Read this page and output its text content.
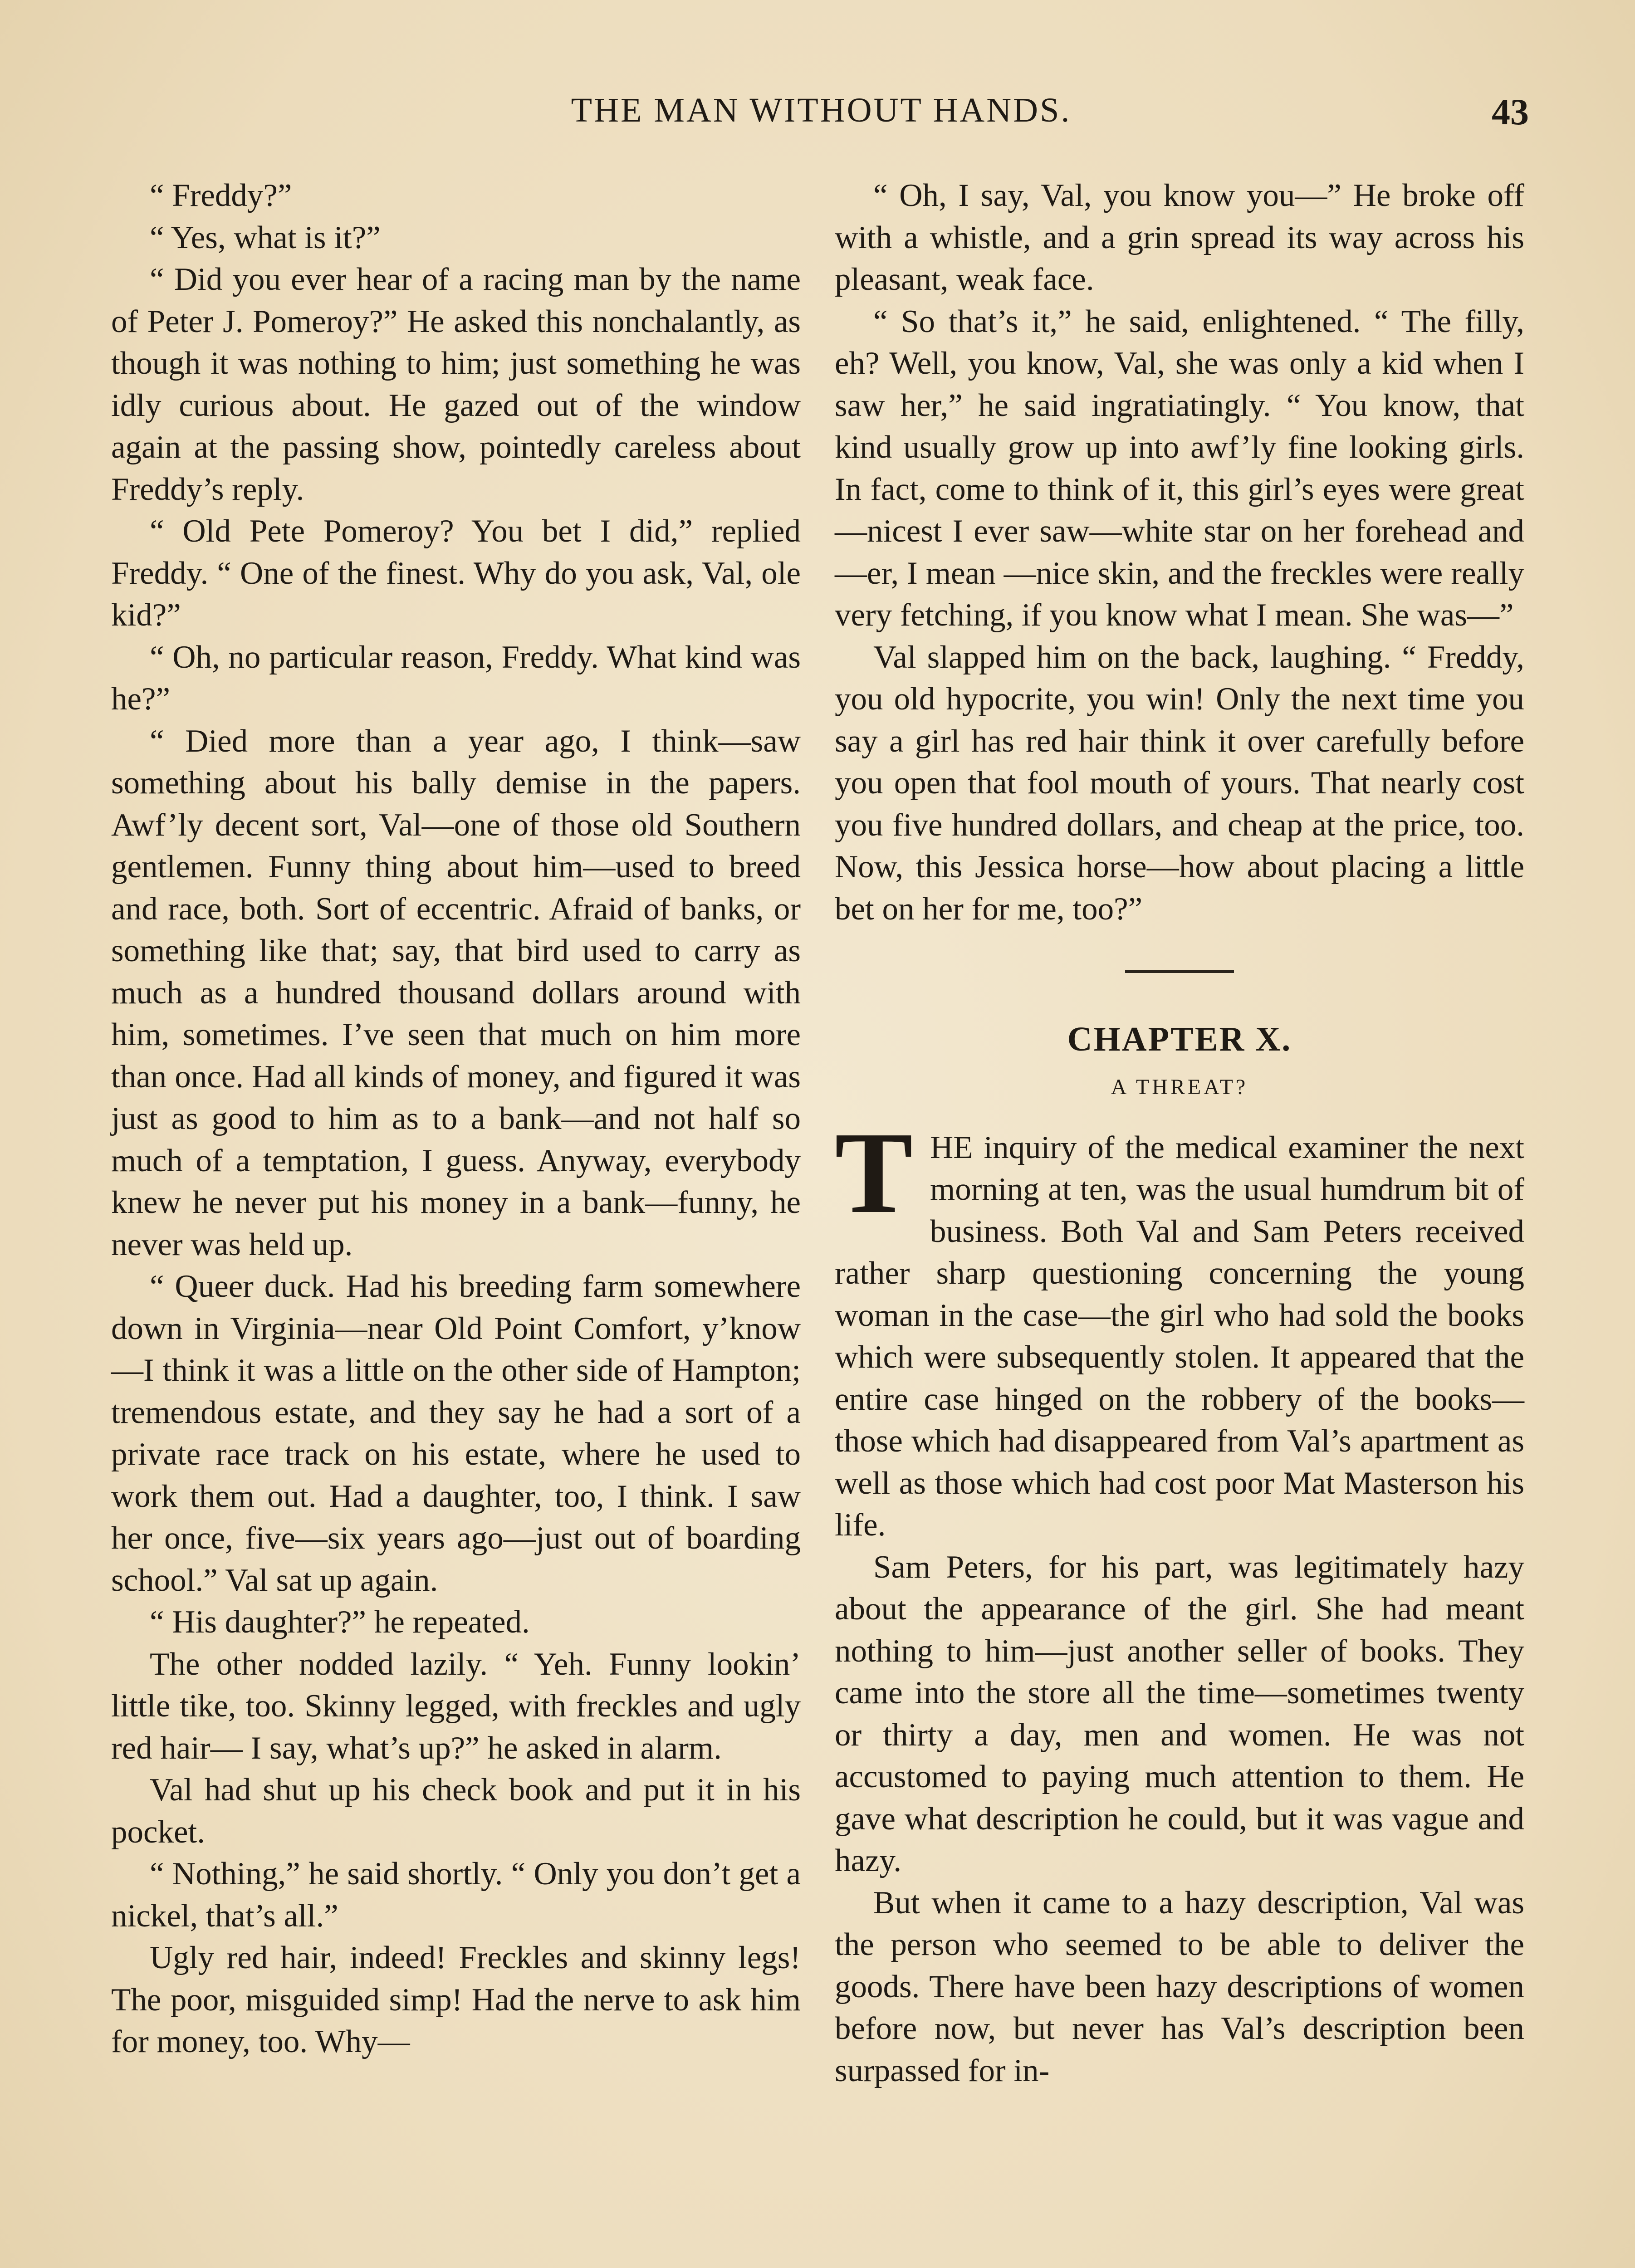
THE MAN WITHOUT HANDS.	43

“ Freddy?”

“ Yes, what is it?”

“ Did you ever hear of a racing man by the name of Peter J. Pomeroy?” He asked this nonchalantly, as though it was nothing to him; just something he was idly curious about. He gazed out of the window again at the passing show, pointedly careless about Freddy’s reply.

“ Old Pete Pomeroy? You bet I did,” replied Freddy. “ One of the finest. Why do you ask, Val, ole kid?”

“ Oh, no particular reason, Freddy. What kind was he?”

“ Died more than a year ago, I think—saw something about his bally demise in the papers. Awf’ly decent sort, Val—one of those old Southern gentlemen. Funny thing about him—used to breed and race, both. Sort of eccentric. Afraid of banks, or something like that; say, that bird used to carry as much as a hundred thousand dollars around with him, sometimes. I’ve seen that much on him more than once. Had all kinds of money, and figured it was just as good to him as to a bank—and not half so much of a temptation, I guess. Anyway, everybody knew he never put his money in a bank—funny, he never was held up.

“ Queer duck. Had his breeding farm somewhere down in Virginia—near Old Point Comfort, y’know—I think it was a little on the other side of Hampton; tremendous estate, and they say he had a sort of a private race track on his estate, where he used to work them out. Had a daughter, too, I think. I saw her once, five—six years ago—just out of boarding school.” Val sat up again.

“ His daughter?” he repeated.

The other nodded lazily. “ Yeh. Funny lookin’ little tike, too. Skinny legged, with freckles and ugly red hair— I say, what’s up?” he asked in alarm.

Val had shut up his check book and put it in his pocket.

“ Nothing,” he said shortly. “ Only you don’t get a nickel, that’s all.”

Ugly red hair, indeed! Freckles and skinny legs! The poor, misguided simp! Had the nerve to ask him for money, too. Why—

“ Oh, I say, Val, you know you—” He broke off with a whistle, and a grin spread its way across his pleasant, weak face.

“ So that’s it,” he said, enlightened. “ The filly, eh? Well, you know, Val, she was only a kid when I saw her,” he said ingratiatingly. “ You know, that kind usually grow up into awf’ly fine looking girls. In fact, come to think of it, this girl’s eyes were great—nicest I ever saw—white star on her forehead and—er, I mean —nice skin, and the freckles were really very fetching, if you know what I mean. She was—”

Val slapped him on the back, laughing. “ Freddy, you old hypocrite, you win! Only the next time you say a girl has red hair think it over carefully before you open that fool mouth of yours. That nearly cost you five hundred dollars, and cheap at the price, too. Now, this Jessica horse—how about placing a little bet on her for me, too?”

CHAPTER X.
A THREAT?

THE inquiry of the medical examiner the next morning at ten, was the usual humdrum bit of business. Both Val and Sam Peters received rather sharp questioning concerning the young woman in the case—the girl who had sold the books which were subsequently stolen. It appeared that the entire case hinged on the robbery of the books—those which had disappeared from Val’s apartment as well as those which had cost poor Mat Masterson his life.

Sam Peters, for his part, was legitimately hazy about the appearance of the girl. She had meant nothing to him—just another seller of books. They came into the store all the time—sometimes twenty or thirty a day, men and women. He was not accustomed to paying much attention to them. He gave what description he could, but it was vague and hazy.

But when it came to a hazy description, Val was the person who seemed to be able to deliver the goods. There have been hazy descriptions of women before now, but never has Val’s description been surpassed for in-
